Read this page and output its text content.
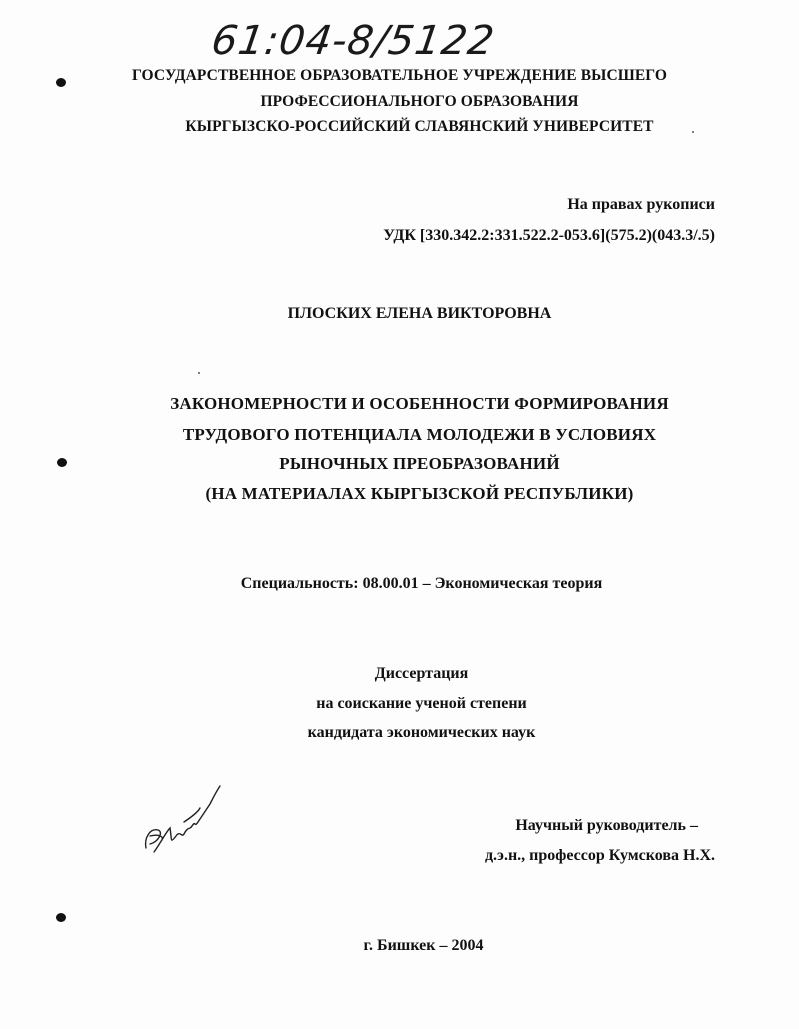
61:04-8/5122
ГОСУДАРСТВЕННОЕ ОБРАЗОВАТЕЛЬНОЕ УЧРЕЖДЕНИЕ ВЫСШЕГО
ПРОФЕССИОНАЛЬНОГО ОБРАЗОВАНИЯ
КЫРГЫЗСКО-РОССИЙСКИЙ СЛАВЯНСКИЙ УНИВЕРСИТЕТ
На правах рукописи
УДК [330.342.2:331.522.2-053.6](575.2)(043.3/.5)
ПЛОСКИХ ЕЛЕНА ВИКТОРОВНА
ЗАКОНОМЕРНОСТИ И ОСОБЕННОСТИ ФОРМИРОВАНИЯ
ТРУДОВОГО ПОТЕНЦИАЛА МОЛОДЕЖИ В УСЛОВИЯХ
РЫНОЧНЫХ ПРЕОБРАЗОВАНИЙ
(НА МАТЕРИАЛАХ КЫРГЫЗСКОЙ РЕСПУБЛИКИ)
Специальность: 08.00.01 – Экономическая теория
Диссертация
на соискание ученой степени
кандидата экономических наук
Научный руководитель –
д.э.н., профессор Кумскова Н.Х.
г. Бишкек – 2004
